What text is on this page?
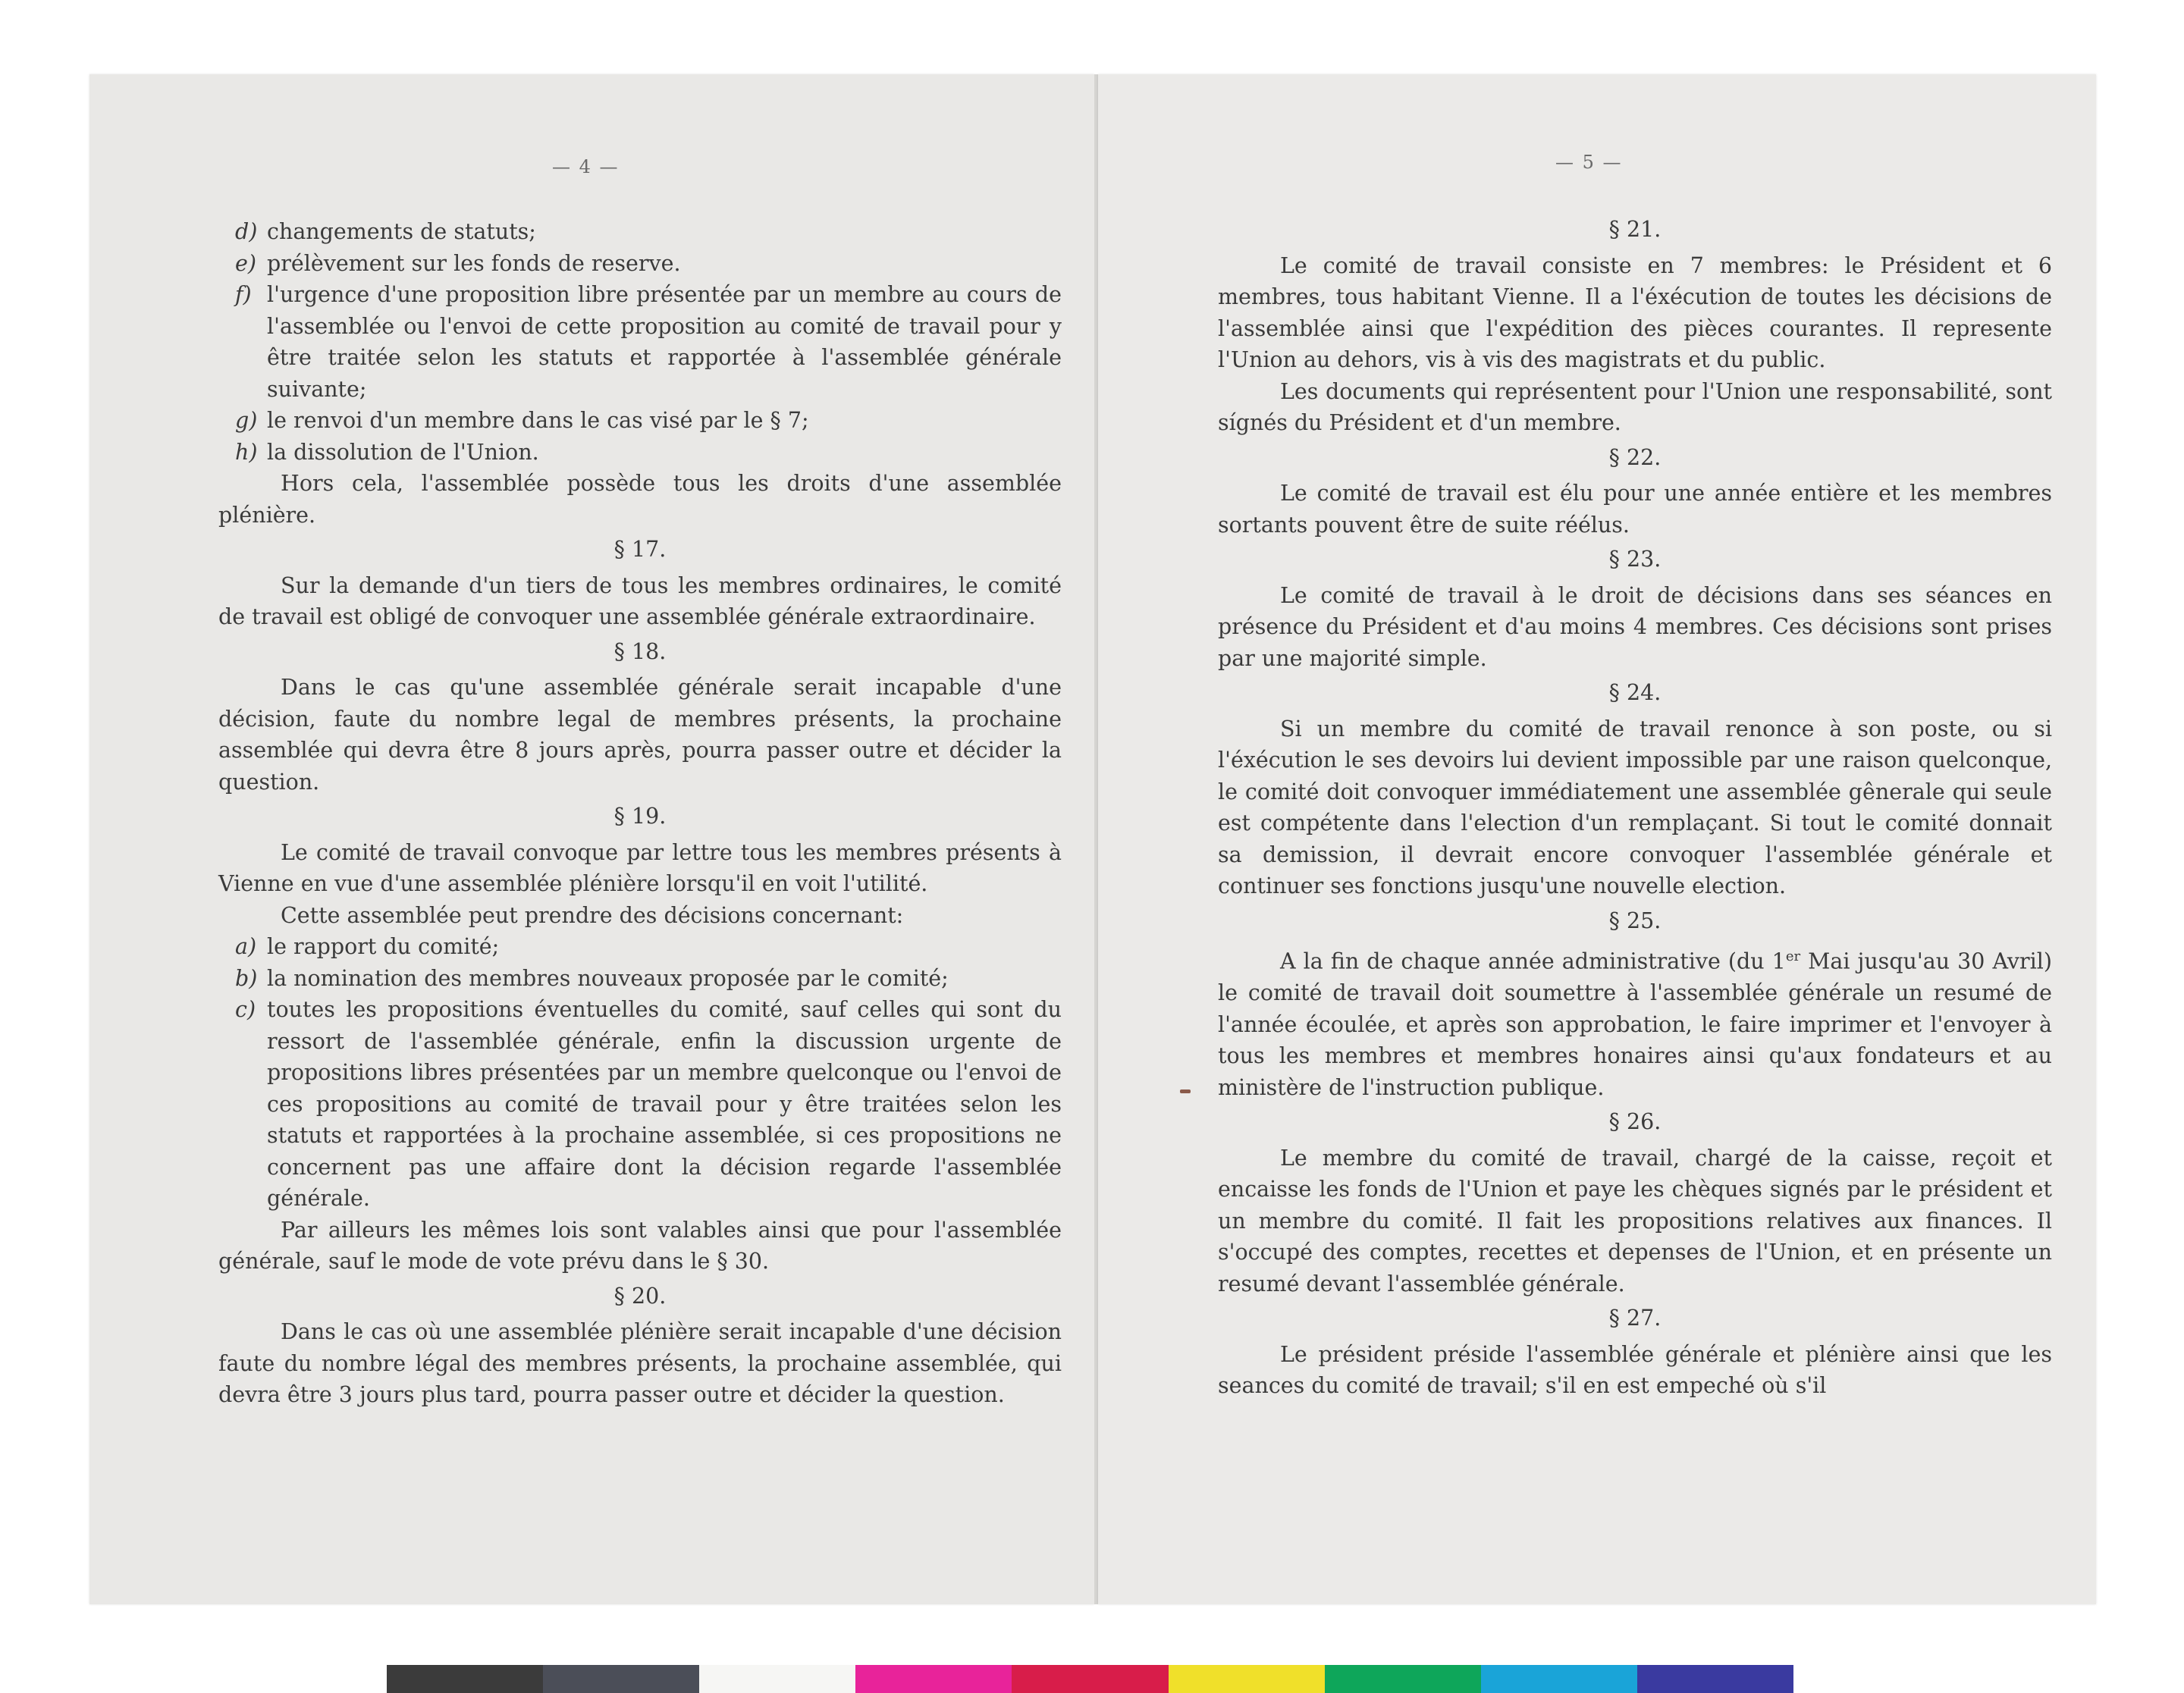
— 4 —
d) changements de statuts;
e) prélèvement sur les fonds de reserve.
f) l'urgence d'une proposition libre présentée par un membre au cours de l'assemblée ou l'envoi de cette proposition au comité de travail pour y être traitée selon les statuts et rapportée à l'assemblée générale suivante;
g) le renvoi d'un membre dans le cas visé par le § 7;
h) la dissolution de l'Union.

Hors cela, l'assemblée possède tous les droits d'une assemblée plénière.

§ 17.

Sur la demande d'un tiers de tous les membres ordinaires, le comité de travail est obligé de convoquer une assemblée générale extraordinaire.

§ 18.

Dans le cas qu'une assemblée générale serait incapable d'une décision, faute du nombre legal de membres présents, la prochaine assemblée qui devra être 8 jours après, pourra passer outre et décider la question.

§ 19.

Le comité de travail convoque par lettre tous les membres présents à Vienne en vue d'une assemblée plénière lorsqu'il en voit l'utilité.

Cette assemblée peut prendre des décisions concernant:

a) le rapport du comité;
b) la nomination des membres nouveaux proposée par le comité;
c) toutes les propositions éventuelles du comité, sauf celles qui sont du ressort de l'assemblée générale, enfin la discussion urgente de propositions libres présentées par un membre quelconque ou l'envoi de ces propositions au comité de travail pour y être traitées selon les statuts et rapportées à la prochaine assemblée, si ces propositions ne concernent pas une affaire dont la décision regarde l'assemblée générale.

Par ailleurs les mêmes lois sont valables ainsi que pour l'assemblée générale, sauf le mode de vote prévu dans le § 30.

§ 20.

Dans le cas où une assemblée plénière serait incapable d'une décision faute du nombre légal des membres présents, la prochaine assemblée, qui devra être 3 jours plus tard, pourra passer outre et décider la question.

— 5 —

§ 21.

Le comité de travail consiste en 7 membres: le Président et 6 membres, tous habitant Vienne. Il a l'éxécution de toutes les décisions de l'assemblée ainsi que l'expédition des pièces courantes. Il represente l'Union au dehors, vis à vis des magistrats et du public.

Les documents qui représentent pour l'Union une responsabilité, sont sígnés du Président et d'un membre.

§ 22.

Le comité de travail est élu pour une année entière et les membres sortants pouvent être de suite réélus.

§ 23.

Le comité de travail à le droit de décisions dans ses séances en présence du Président et d'au moins 4 membres. Ces décisions sont prises par une majorité simple.

§ 24.

Si un membre du comité de travail renonce à son poste, ou si l'éxécution le ses devoirs lui devient impossible par une raison quelconque, le comité doit convoquer immédiatement une assemblée gênerale qui seule est compétente dans l'election d'un remplaçant. Si tout le comité donnait sa demission, il devrait encore convoquer l'assemblée générale et continuer ses fonctions jusqu'une nouvelle election.

§ 25.

A la fin de chaque année administrative (du 1er Mai jusqu'au 30 Avril) le comité de travail doit soumettre à l'assemblée générale un resumé de l'année écoulée, et après son approbation, le faire imprimer et l'envoyer à tous les membres et membres honaires ainsi qu'aux fondateurs et au ministère de l'instruction publique.

§ 26.

Le membre du comité de travail, chargé de la caisse, reçoit et encaisse les fonds de l'Union et paye les chèques signés par le président et un membre du comité. Il fait les propositions relatives aux finances. Il s'occupé des comptes, recettes et depenses de l'Union, et en présente un resumé devant l'assemblée générale.

§ 27.

Le président préside l'assemblée générale et plénière ainsi que les seances du comité de travail; s'il en est empeché où s'il
